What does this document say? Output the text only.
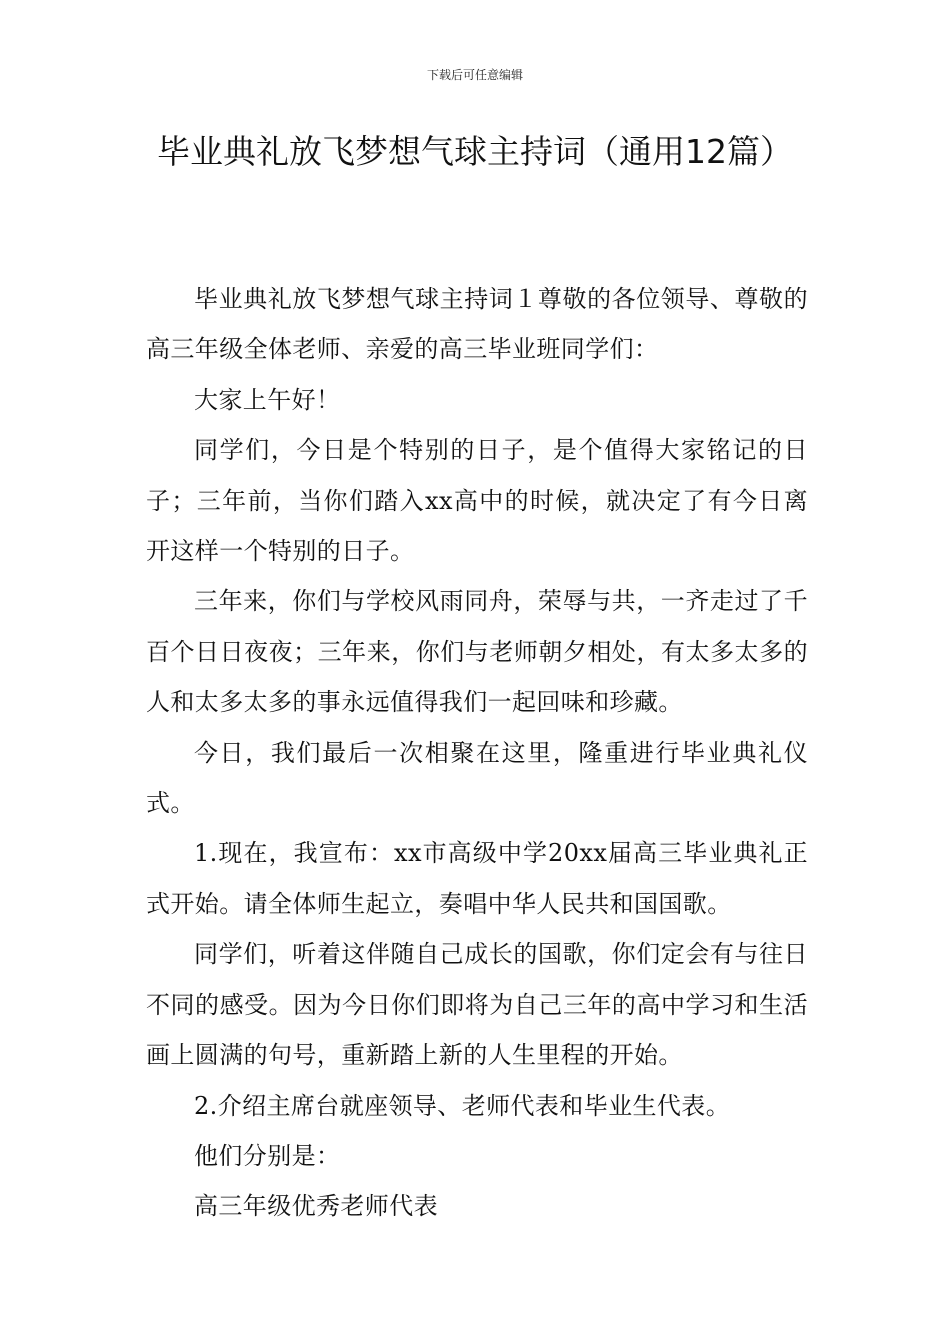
下载后可任意编辑
毕业典礼放飞梦想气球主持词（通用12篇）

毕业典礼放飞梦想气球主持词１尊敬的各位领导、尊敬的高三年级全体老师、亲爱的高三毕业班同学们：

大家上午好！

同学们，今日是个特别的日子，是个值得大家铭记的日子；三年前，当你们踏入xx高中的时候，就决定了有今日离开这样一个特别的日子。

三年来，你们与学校风雨同舟，荣辱与共，一齐走过了千百个日日夜夜；三年来，你们与老师朝夕相处，有太多太多的人和太多太多的事永远值得我们一起回味和珍藏。

今日，我们最后一次相聚在这里，隆重进行毕业典礼仪式。

1.现在，我宣布：xx市高级中学20xx届高三毕业典礼正式开始。请全体师生起立，奏唱中华人民共和国国歌。

同学们，听着这伴随自己成长的国歌，你们定会有与往日不同的感受。因为今日你们即将为自己三年的高中学习和生活画上圆满的句号，重新踏上新的人生里程的开始。

2.介绍主席台就座领导、老师代表和毕业生代表。

他们分别是：

高三年级优秀老师代表
